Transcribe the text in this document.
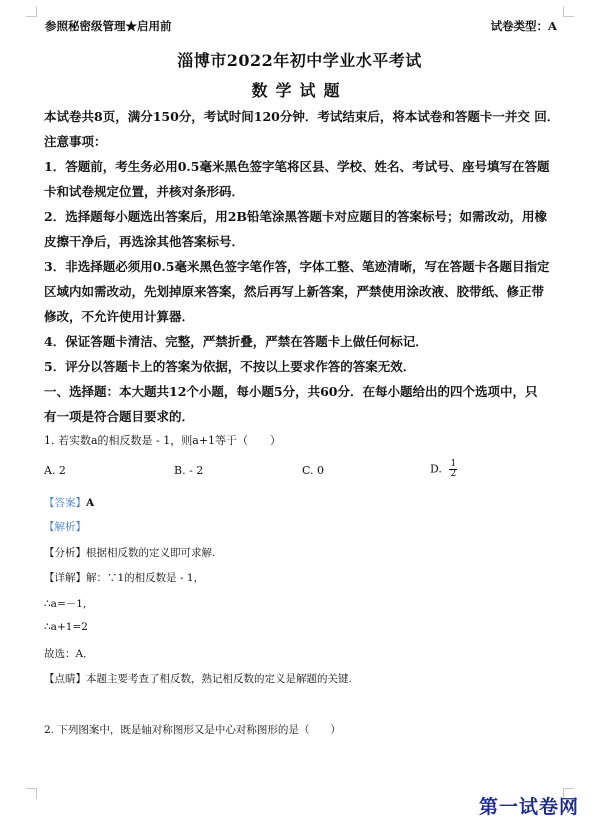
参照秘密级管理★启用前	试卷类型：A
淄博市2022年初中学业水平考试
数学试题
本试卷共8页，满分150分，考试时间120分钟．考试结束后，将本试卷和答题卡一并交 回．
注意事项：
1．答题前，考生务必用0.5毫米黑色签字笔将区县、学校、姓名、考试号、座号填写在答题
卡和试卷规定位置，并核对条形码．
2．选择题每小题选出答案后，用2B铅笔涂黑答题卡对应题目的答案标号；如需改动，用橡
皮擦干净后，再选涂其他答案标号．
3．非选择题必须用0.5毫米黑色签字笔作答，字体工整、笔迹清晰，写在答题卡各题目指定
区域内如需改动，先划掉原来答案，然后再写上新答案，严禁使用涂改液、胶带纸、修正带
修改，不允许使用计算器．
4．保证答题卡清洁、完整，严禁折叠，严禁在答题卡上做任何标记．
5．评分以答题卡上的答案为依据，不按以上要求作答的答案无效．
一、选择题：本大题共12个小题，每小题5分，共60分．在每小题给出的四个选项中，只
有一项是符合题目要求的．
1. 若实数a的相反数是 - 1，则a+1等于（　　）
A. 2	B. - 2	C. 0	D. $\frac{1}{2}$
【答案】A
【解析】
【分析】根据相反数的定义即可求解.
【详解】解：∵1的相反数是 - 1，
∴a=－1,
∴a+1=2
故选：A．
【点睛】本题主要考查了相反数，熟记相反数的定义是解题的关键.
2. 下列图案中，既是轴对称图形又是中心对称图形的是（　　）
第一试卷网
